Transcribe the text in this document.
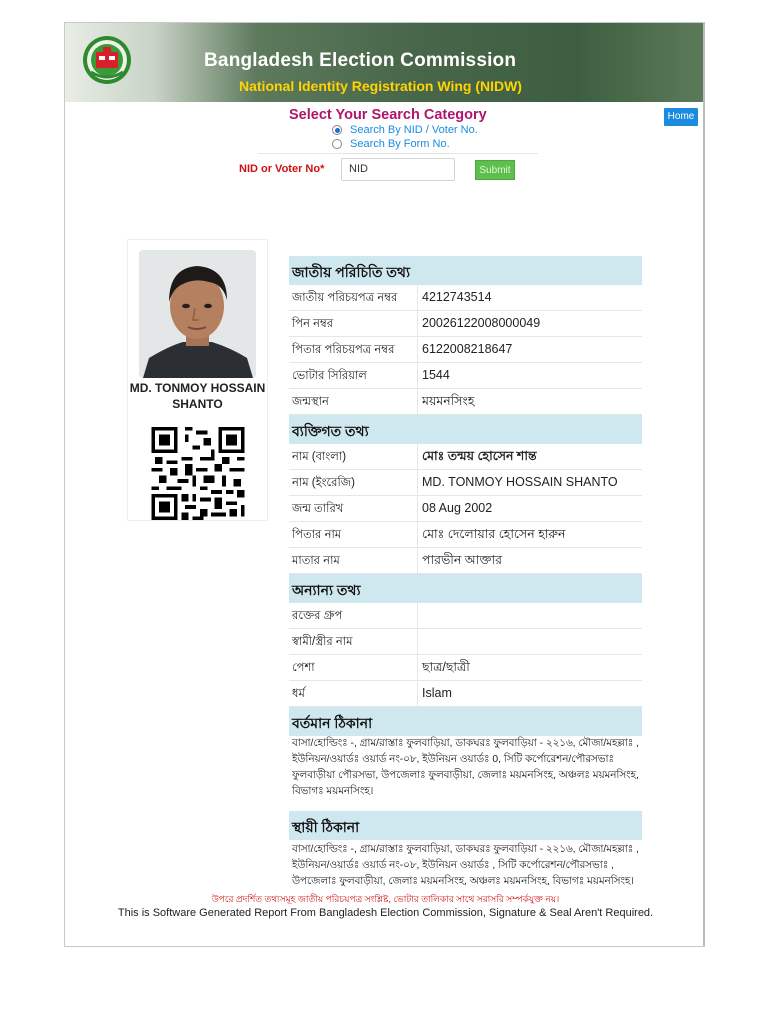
Bangladesh Election Commission
National Identity Registration Wing (NIDW)
Home
Select Your Search Category
Search By NID / Voter No.
Search By Form No.
NID or Voter No*	NID	Submit
MD. TONMOY HOSSAIN SHANTO
জাতীয় পরিচিতি তথ্য
জাতীয় পরিচয়পত্র নম্বর	4212743514
পিন নম্বর	20026122008000049
পিতার পরিচয়পত্র নম্বর	6122008218647
ভোটার সিরিয়াল	1544
জন্মস্থান	ময়মনসিংহ
ব্যক্তিগত তথ্য
নাম (বাংলা)	মোঃ তন্ময় হোসেন শান্ত
নাম (ইংরেজি)	MD. TONMOY HOSSAIN SHANTO
জন্ম তারিখ	08 Aug 2002
পিতার নাম	মোঃ দেলোয়ার হোসেন হারুন
মাতার নাম	পারভীন আক্তার
অন্যান্য তথ্য
রক্তের গ্রুপ
স্বামী/স্ত্রীর নাম
পেশা	ছাত্র/ছাত্রী
ধর্ম	Islam
বর্তমান ঠিকানা
বাসা/হোল্ডিংঃ -, গ্রাম/রাস্তাঃ ফুলবাড়িয়া, ডাকঘরঃ ফুলবাড়িয়া - ২২১৬, মৌজা/মহল্লাঃ , ইউনিয়ন/ওয়ার্ডঃ ওয়ার্ড নং-০৮, ইউনিয়ন ওয়ার্ডঃ 0, সিটি কর্পোরেশন/পৌরসভাঃ ফুলবাড়ীয়া পৌরসভা, উপজেলাঃ ফুলবাড়ীয়া, জেলাঃ ময়মনসিংহ, অঞ্চলঃ ময়মনসিংহ, বিভাগঃ ময়মনসিংহ।
স্থায়ী ঠিকানা
বাসা/হোল্ডিংঃ -, গ্রাম/রাস্তাঃ ফুলবাড়িয়া, ডাকঘরঃ ফুলবাড়িয়া - ২২১৬, মৌজা/মহল্লাঃ , ইউনিয়ন/ওয়ার্ডঃ ওয়ার্ড নং-০৮, ইউনিয়ন ওয়ার্ডঃ , সিটি কর্পোরেশন/পৌরসভাঃ , উপজেলাঃ ফুলবাড়ীয়া, জেলাঃ ময়মনসিংহ, অঞ্চলঃ ময়মনসিংহ, বিভাগঃ ময়মনসিংহ।
উপরে প্রদর্শিত তথ্যসমূহ জাতীয় পরিচয়পত্র সংশ্লিষ্ট, ভোটার তালিকার সাথে সরাসরি সম্পর্কযুক্ত নয়।
This is Software Generated Report From Bangladesh Election Commission, Signature & Seal Aren't Required.
